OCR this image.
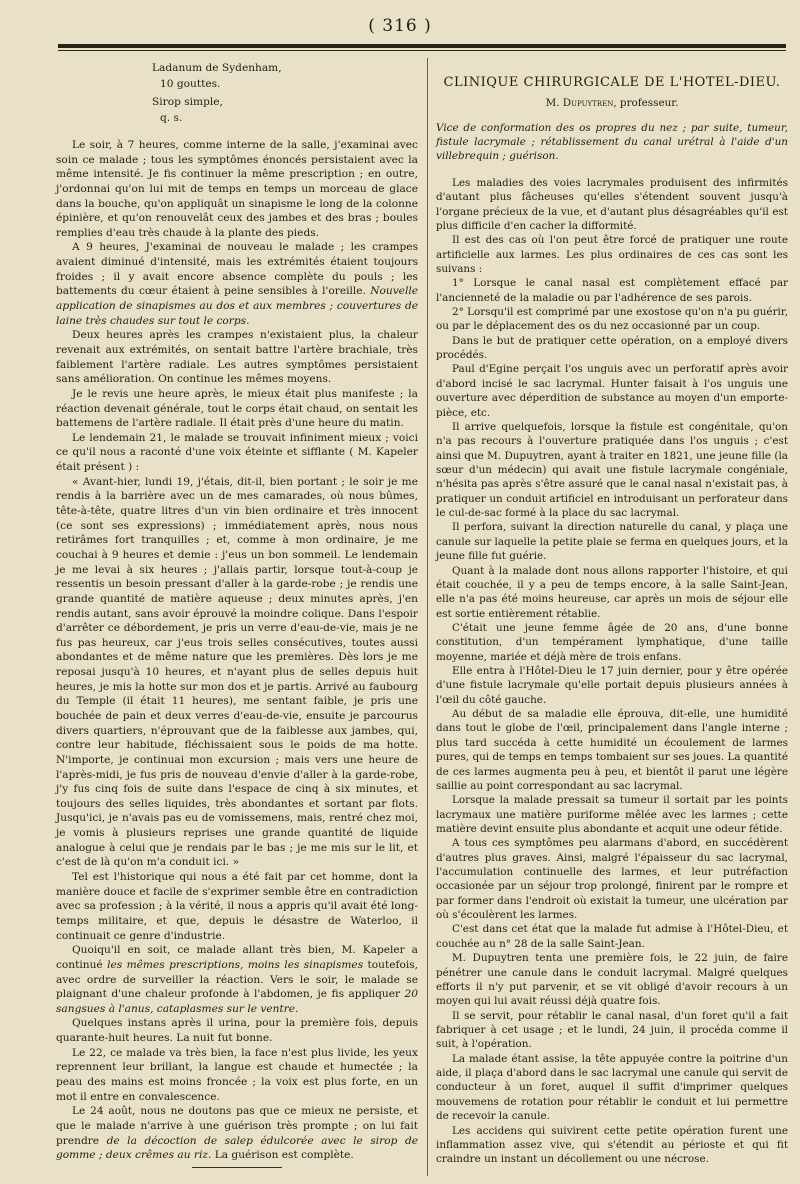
( 316 )
Ladanum de Sydenham,10 gouttes.
Sirop simple,q. s.

Le soir, à 7 heures, comme interne de la salle, j'examinai avec soin ce malade ; tous les symptômes énoncés persistaient avec la même intensité. Je fis continuer la même prescription ; en outre, j'ordonnai qu'on lui mit de temps en temps un morceau de glace dans la bouche, qu'on appliquât un sinapisme le long de la colonne épinière, et qu'on renouvelât ceux des jambes et des bras ; boules remplies d'eau très chaude à la plante des pieds.

A 9 heures, J'examinai de nouveau le malade ; les crampes avaient diminué d'intensité, mais les extrémités étaient toujours froides ; il y avait encore absence complète du pouls ; les battements du cœur étaient à peine sensibles à l'oreille. Nouvelle application de sinapismes au dos et aux membres ; couvertures de laine très chaudes sur tout le corps.

Deux heures après les crampes n'existaient plus, la chaleur revenait aux extrémités, on sentait battre l'artère brachiale, très faiblement l'artère radiale. Les autres symptômes persistaient sans amélioration. On continue les mêmes moyens.

Je le revis une heure après, le mieux était plus manifeste ; la réaction devenait générale, tout le corps était chaud, on sentait les battemens de l'artère radiale. Il était près d'une heure du matin.

Le lendemain 21, le malade se trouvait infiniment mieux ; voici ce qu'il nous a raconté d'une voix éteinte et sifflante ( M. Kapeler était présent ) :

« Avant-hier, lundi 19, j'étais, dit-il, bien portant ; le soir je me rendis à la barrière avec un de mes camarades, où nous bûmes, tête-à-tête, quatre litres d'un vin bien ordinaire et très innocent (ce sont ses expressions) ; immédiatement après, nous nous retirâmes fort tranquilles ; et, comme à mon ordinaire, je me couchai à 9 heures et demie : j'eus un bon sommeil. Le lendemain je me levai à six heures ; j'allais partir, lorsque tout-à-coup je ressentis un besoin pressant d'aller à la garde-robe ; je rendis une grande quantité de matière aqueuse ; deux minutes après, j'en rendis autant, sans avoir éprouvé la moindre colique. Dans l'espoir d'arrêter ce débordement, je pris un verre d'eau-de-vie, mais je ne fus pas heureux, car j'eus trois selles consécutives, toutes aussi abondantes et de même nature que les premières. Dès lors je me reposai jusqu'à 10 heures, et n'ayant plus de selles depuis huit heures, je mis la hotte sur mon dos et je partis. Arrivé au faubourg du Temple (il était 11 heures), me sentant faible, je pris une bouchée de pain et deux verres d'eau-de-vie, ensuite je parcourus divers quartiers, n'éprouvant que de la faiblesse aux jambes, qui, contre leur habitude, fléchissaient sous le poids de ma hotte. N'importe, je continuai mon excursion ; mais vers une heure de l'après-midi, je fus pris de nouveau d'envie d'aller à la garde-robe, j'y fus cinq fois de suite dans l'espace de cinq à six minutes, et toujours des selles liquides, très abondantes et sortant par flots. Jusqu'ici, je n'avais pas eu de vomissemens, mais, rentré chez moi, je vomis à plusieurs reprises une grande quantité de liquide analogue à celui que je rendais par le bas ; je me mis sur le lit, et c'est de là qu'on m'a conduit ici. »

Tel est l'historique qui nous a été fait par cet homme, dont la manière douce et facile de s'exprimer semble être en contradiction avec sa profession ; à la vérité, il nous a appris qu'il avait été long-temps militaire, et que, depuis le désastre de Waterloo, il continuait ce genre d'industrie.

Quoiqu'il en soit, ce malade allant très bien, M. Kapeler a continué les mêmes prescriptions, moins les sinapismes toutefois, avec ordre de surveiller la réaction. Vers le soir, le malade se plaignant d'une chaleur profonde à l'abdomen, je fis appliquer 20 sangsues à l'anus, cataplasmes sur le ventre.

Quelques instans après il urina, pour la première fois, depuis quarante-huit heures. La nuit fut bonne.

Le 22, ce malade va très bien, la face n'est plus livide, les yeux reprennent leur brillant, la langue est chaude et humectée ; la peau des mains est moins froncée ; la voix est plus forte, en un mot il entre en convalescence.

Le 24 août, nous ne doutons pas que ce mieux ne persiste, et que le malade n'arrive à une guérison très prompte ; on lui fait prendre de la décoction de salep édulcorée avec le sirop de gomme ; deux crêmes au riz. La guérison est complète.

CLINIQUE CHIRURGICALE DE L'HOTEL-DIEU.

M. Dupuytren, professeur.

Vice de conformation des os propres du nez ; par suite, tumeur, fistule lacrymale ; rétablissement du canal urétral à l'aide d'un villebrequin ; guérison.

Les maladies des voies lacrymales produisent des infirmités d'autant plus fâcheuses qu'elles s'étendent souvent jusqu'à l'organe précieux de la vue, et d'autant plus désagréables qu'il est plus difficile d'en cacher la difformité.

Il est des cas où l'on peut être forcé de pratiquer une route artificielle aux larmes. Les plus ordinaires de ces cas sont les suivans :

1° Lorsque le canal nasal est complètement effacé par l'ancienneté de la maladie ou par l'adhérence de ses parois.

2° Lorsqu'il est comprimé par une exostose qu'on n'a pu guérir, ou par le déplacement des os du nez occasionné par un coup.

Dans le but de pratiquer cette opération, on a employé divers procédés.

Paul d'Egine perçait l'os unguis avec un perforatif après avoir d'abord incisé le sac lacrymal. Hunter faisait à l'os unguis une ouverture avec déperdition de substance au moyen d'un emporte-pièce, etc.

Il arrive quelquefois, lorsque la fistule est congénitale, qu'on n'a pas recours à l'ouverture pratiquée dans l'os unguis ; c'est ainsi que M. Dupuytren, ayant à traiter en 1821, une jeune fille (la sœur d'un médecin) qui avait une fistule lacrymale congéniale, n'hésita pas après s'être assuré que le canal nasal n'existait pas, à pratiquer un conduit artificiel en introduisant un perforateur dans le cul-de-sac formé à la place du sac lacrymal.

Il perfora, suivant la direction naturelle du canal, y plaça une canule sur laquelle la petite plaie se ferma en quelques jours, et la jeune fille fut guérie.

Quant à la malade dont nous allons rapporter l'histoire, et qui était couchée, il y a peu de temps encore, à la salle Saint-Jean, elle n'a pas été moins heureuse, car après un mois de séjour elle est sortie entièrement rétablie.

C'était une jeune femme âgée de 20 ans, d'une bonne constitution, d'un tempérament lymphatique, d'une taille moyenne, mariée et déjà mère de trois enfans.

Elle entra à l'Hôtel-Dieu le 17 juin dernier, pour y être opérée d'une fistule lacrymale qu'elle portait depuis plusieurs années à l'œil du côté gauche.

Au début de sa maladie elle éprouva, dit-elle, une humidité dans tout le globe de l'œil, principalement dans l'angle interne ; plus tard succéda à cette humidité un écoulement de larmes pures, qui de temps en temps tombaient sur ses joues. La quantité de ces larmes augmenta peu à peu, et bientôt il parut une légère saillie au point correspondant au sac lacrymal.

Lorsque la malade pressait sa tumeur il sortait par les points lacrymaux une matière puriforme mêlée avec les larmes ; cette matière devint ensuite plus abondante et acquit une odeur fétide.

A tous ces symptômes peu alarmans d'abord, en succédèrent d'autres plus graves. Ainsi, malgré l'épaisseur du sac lacrymal, l'accumulation continuelle des larmes, et leur putréfaction occasionée par un séjour trop prolongé, finirent par le rompre et par former dans l'endroit où existait la tumeur, une ulcération par où s'écoulèrent les larmes.

C'est dans cet état que la malade fut admise à l'Hôtel-Dieu, et couchée au n° 28 de la salle Saint-Jean.

M. Dupuytren tenta une première fois, le 22 juin, de faire pénétrer une canule dans le conduit lacrymal. Malgré quelques efforts il n'y put parvenir, et se vit obligé d'avoir recours à un moyen qui lui avait réussi déjà quatre fois.

Il se servit, pour rétablir le canal nasal, d'un foret qu'il a fait fabriquer à cet usage ; et le lundi, 24 juin, il procéda comme il suit, à l'opération.

La malade étant assise, la tête appuyée contre la poitrine d'un aide, il plaça d'abord dans le sac lacrymal une canule qui servit de conducteur à un foret, auquel il suffit d'imprimer quelques mouvemens de rotation pour rétablir le conduit et lui permettre de recevoir la canule.

Les accidens qui suivirent cette petite opération furent une inflammation assez vive, qui s'étendit au périoste et qui fit craindre un instant un décollement ou une nécrose.
